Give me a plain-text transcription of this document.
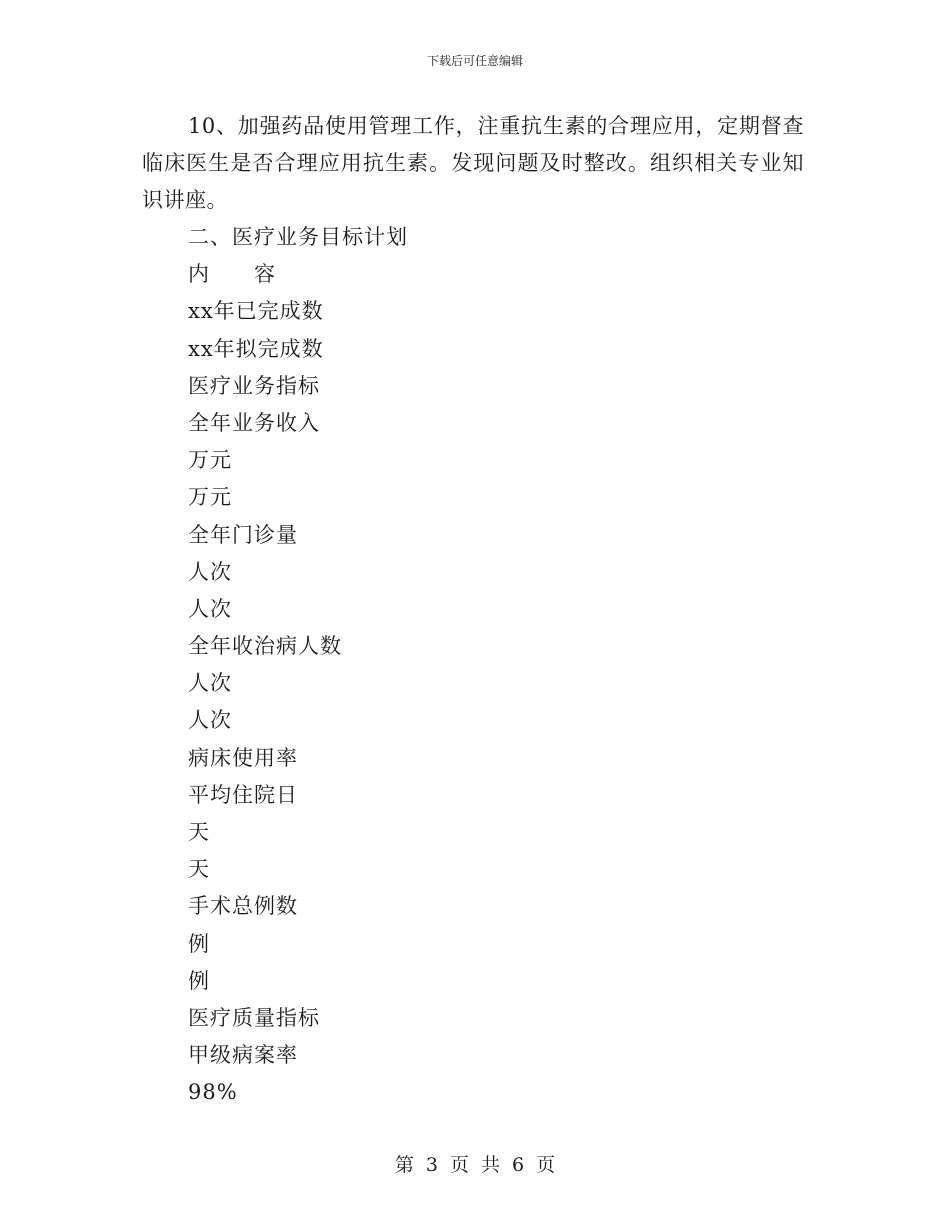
下载后可任意编辑

10、加强药品使用管理工作，注重抗生素的合理应用，定期督查临床医生是否合理应用抗生素。发现问题及时整改。组织相关专业知识讲座。

二、医疗业务目标计划
内　　容
xx年已完成数
xx年拟完成数
医疗业务指标
全年业务收入
万元
万元
全年门诊量
人次
人次
全年收治病人数
人次
人次
病床使用率
平均住院日
天
天
手术总例数
例
例
医疗质量指标
甲级病案率
98%
第 3 页 共 6 页
